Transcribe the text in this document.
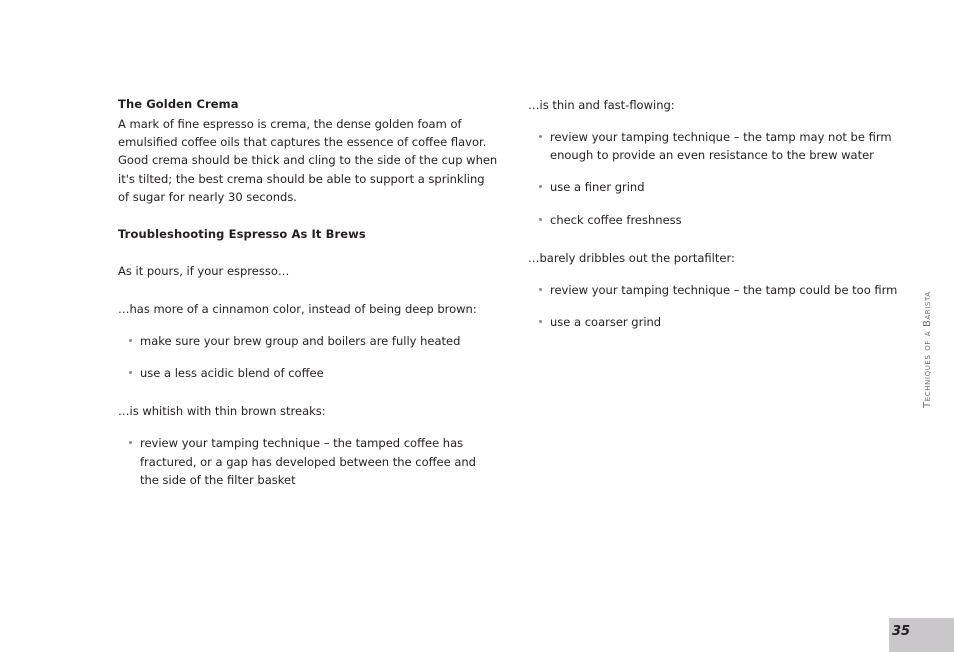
The Golden Crema

A mark of fine espresso is crema, the dense golden foam of emulsified coffee oils that captures the essence of coffee flavor. Good crema should be thick and cling to the side of the cup when it's tilted; the best crema should be able to support a sprinkling of sugar for nearly 30 seconds.

Troubleshooting Espresso As It Brews

As it pours, if your espresso…

…has more of a cinnamon color, instead of being deep brown:

make sure your brew group and boilers are fully heated
use a less acidic blend of coffee

…is whitish with thin brown streaks:

review your tamping technique – the tamped coffee has fractured, or a gap has developed between the coffee and the side of the filter basket

…is thin and fast-flowing:

review your tamping technique – the tamp may not be firm enough to provide an even resistance to the brew water
use a finer grind
check coffee freshness

…barely dribbles out the portafilter:

review your tamping technique – the tamp could be too firm
use a coarser grind	Techniques of a Barista
35
